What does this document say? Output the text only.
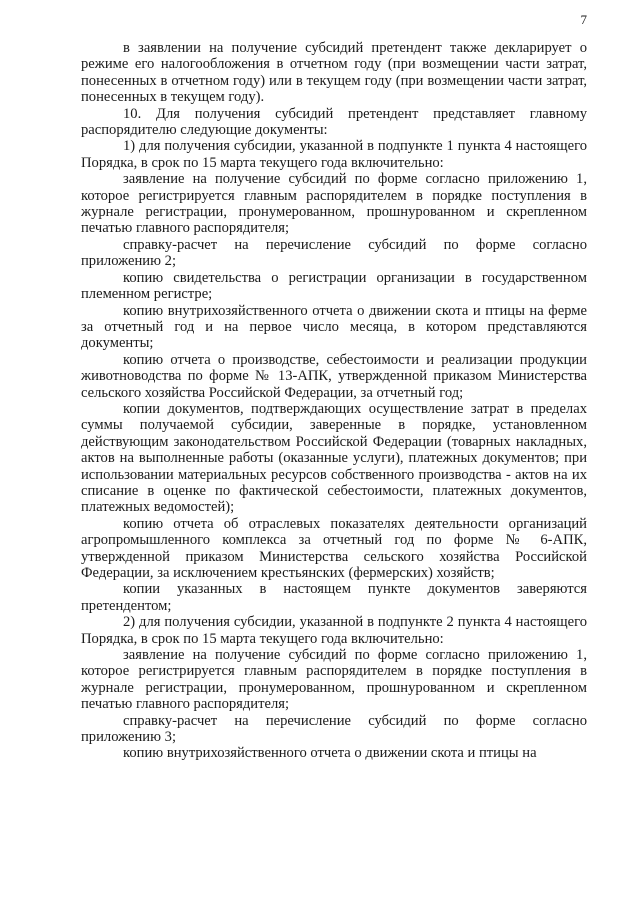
7

в заявлении на получение субсидий претендент также декларирует о режиме его налогообложения в отчетном году (при возмещении части затрат, понесенных в отчетном году) или в текущем году (при возмещении части затрат, понесенных в текущем году).

10. Для получения субсидий претендент представляет главному распорядителю следующие документы:

1) для получения субсидии, указанной в подпункте 1 пункта 4 настоящего Порядка, в срок по 15 марта текущего года включительно:

заявление на получение субсидий по форме согласно приложению 1, которое регистрируется главным распорядителем в порядке поступления в журнале регистрации, пронумерованном, прошнурованном и скрепленном печатью главного распорядителя;

справку-расчет на перечисление субсидий по форме согласно приложению 2;

копию свидетельства о регистрации организации в государственном племенном регистре;

копию внутрихозяйственного отчета о движении скота и птицы на ферме за отчетный год и на первое число месяца, в котором представляются документы;

копию отчета о производстве, себестоимости и реализации продукции животноводства по форме № 13-АПК, утвержденной приказом Министерства сельского хозяйства Российской Федерации, за отчетный год;

копии документов, подтверждающих осуществление затрат в пределах суммы получаемой субсидии, заверенные в порядке, установленном действующим законодательством Российской Федерации (товарных накладных, актов на выполненные работы (оказанные услуги), платежных документов; при использовании материальных ресурсов собственного производства - актов на их списание в оценке по фактической себестоимости, платежных документов, платежных ведомостей);

копию отчета об отраслевых показателях деятельности организаций агропромышленного комплекса за отчетный год по форме № 6-АПК, утвержденной приказом Министерства сельского хозяйства Российской Федерации, за исключением крестьянских (фермерских) хозяйств;

копии указанных в настоящем пункте документов заверяются претендентом;

2) для получения субсидии, указанной в подпункте 2 пункта 4 настоящего Порядка, в срок по 15 марта текущего года включительно:

заявление на получение субсидий по форме согласно приложению 1, которое регистрируется главным распорядителем в порядке поступления в журнале регистрации, пронумерованном, прошнурованном и скрепленном печатью главного распорядителя;

справку-расчет на перечисление субсидий по форме согласно приложению 3;

копию внутрихозяйственного отчета о движении скота и птицы на
